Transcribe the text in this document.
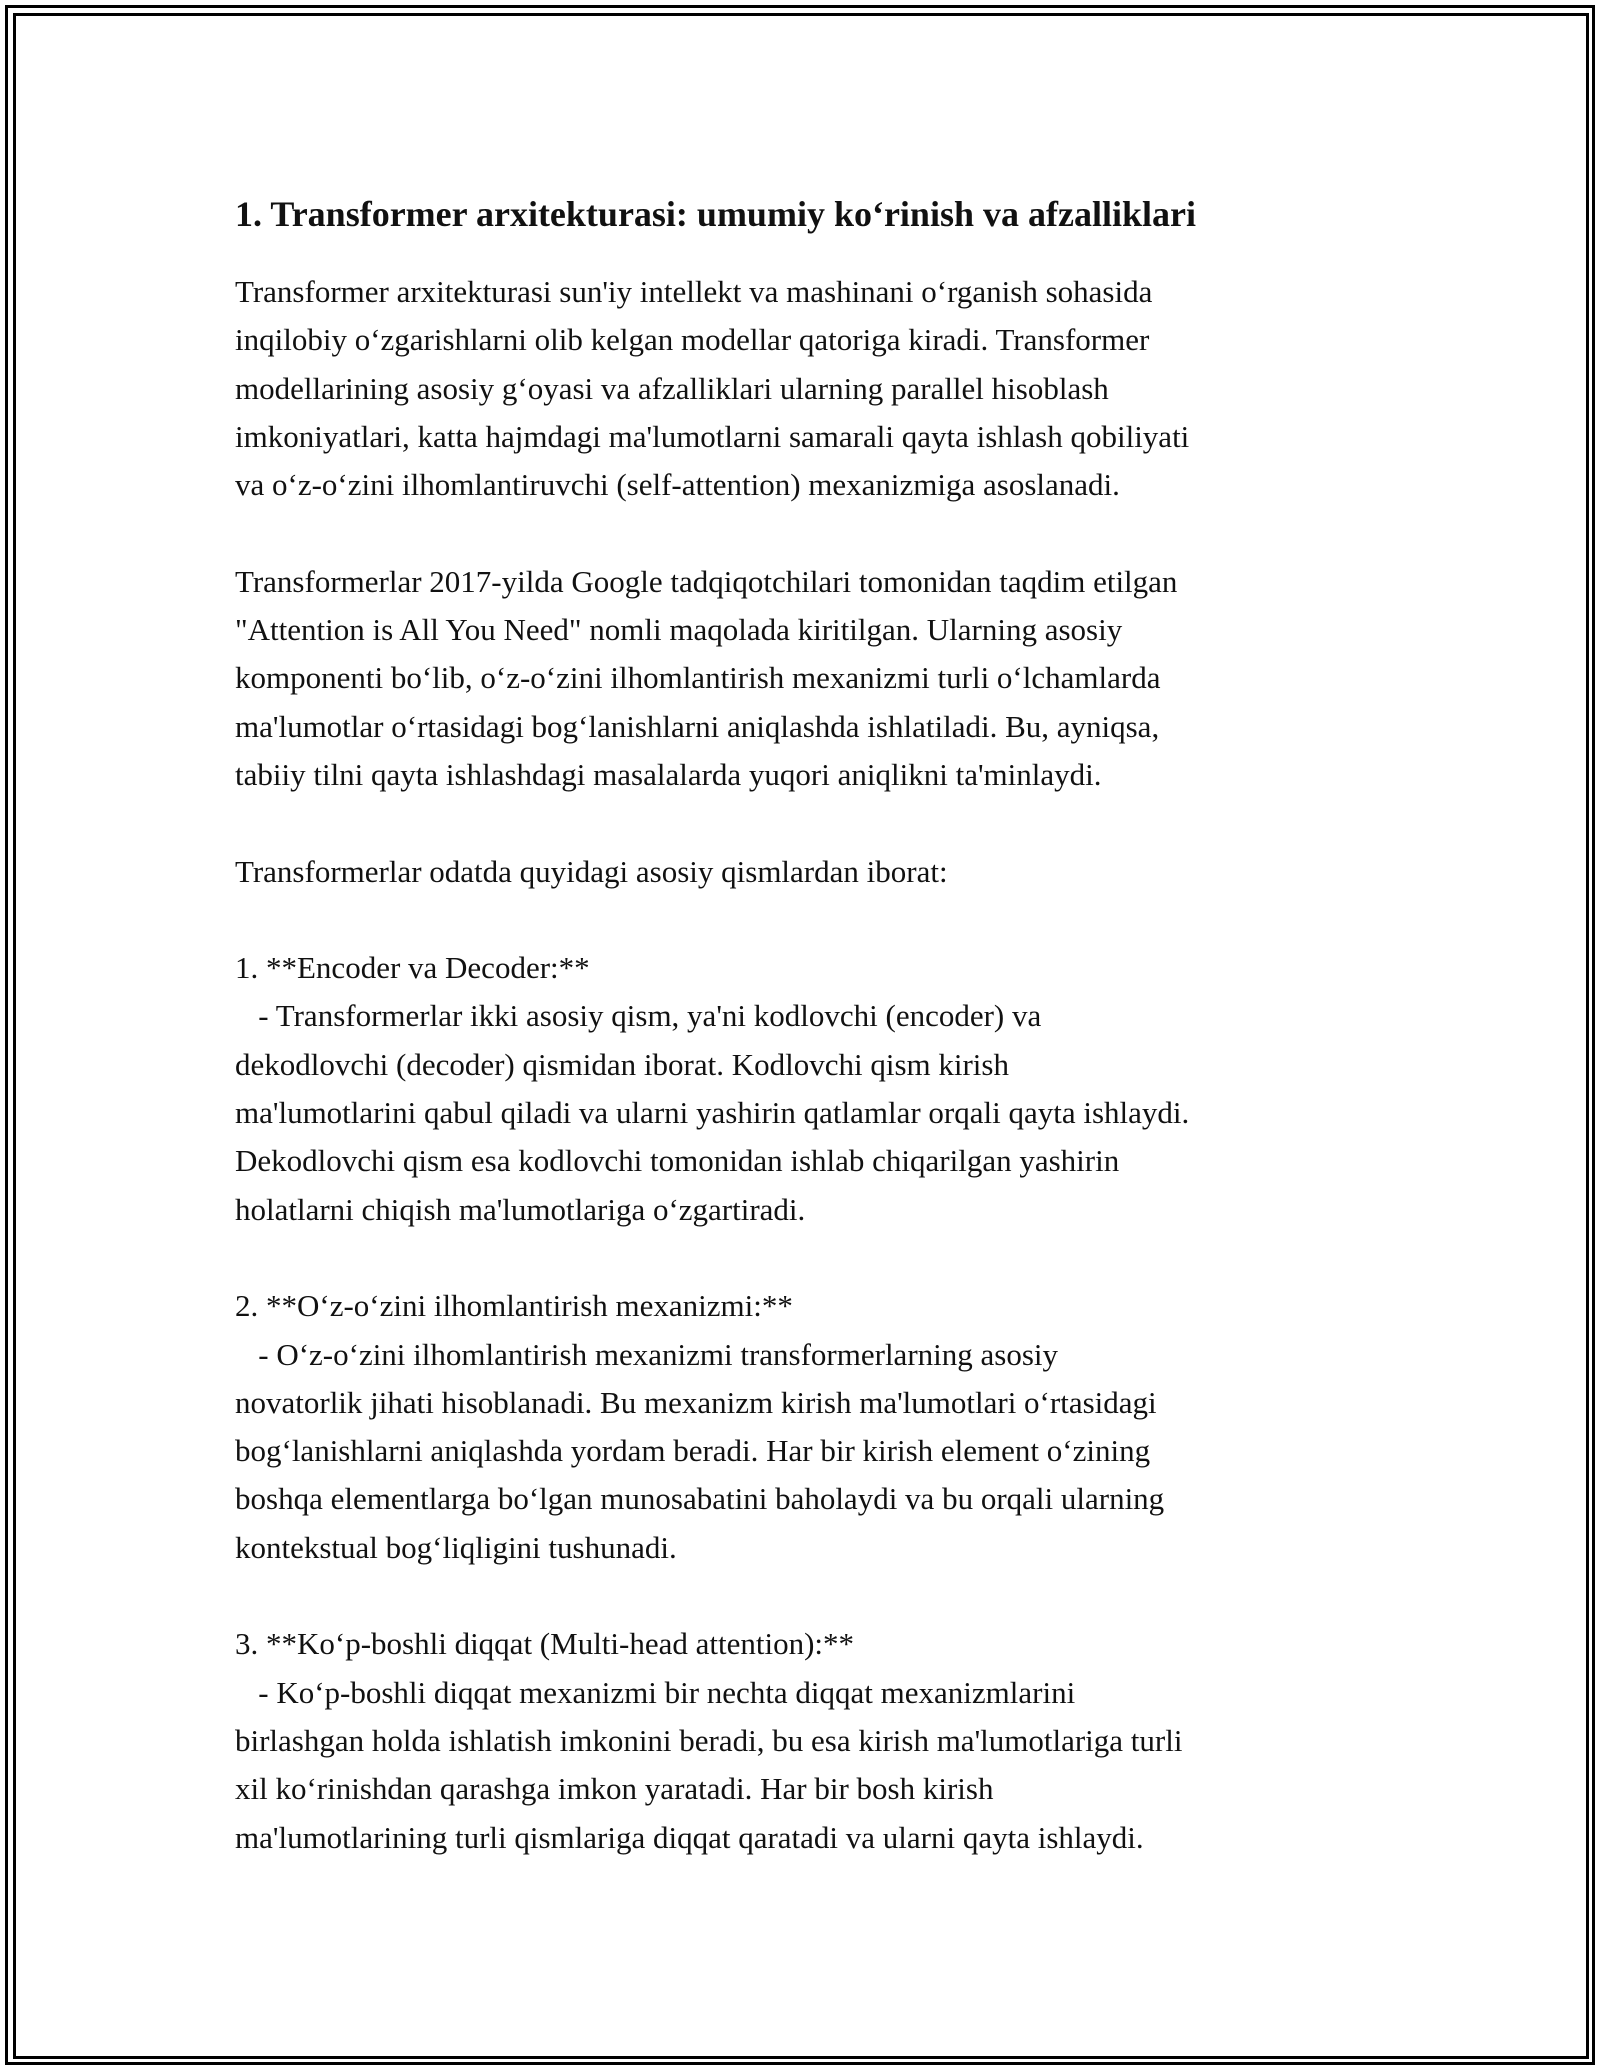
1. Transformer arxitekturasi: umumiy koʻrinish va afzalliklari

Transformer arxitekturasi sun'iy intellekt va mashinani oʻrganish sohasida
inqilobiy oʻzgarishlarni olib kelgan modellar qatoriga kiradi. Transformer
modellarining asosiy gʻoyasi va afzalliklari ularning parallel hisoblash
imkoniyatlari, katta hajmdagi ma'lumotlarni samarali qayta ishlash qobiliyati
va oʻz-oʻzini ilhomlantiruvchi (self-attention) mexanizmiga asoslanadi.

Transformerlar 2017-yilda Google tadqiqotchilari tomonidan taqdim etilgan
"Attention is All You Need" nomli maqolada kiritilgan. Ularning asosiy
komponenti boʻlib, oʻz-oʻzini ilhomlantirish mexanizmi turli oʻlchamlarda
ma'lumotlar oʻrtasidagi bogʻlanishlarni aniqlashda ishlatiladi. Bu, ayniqsa,
tabiiy tilni qayta ishlashdagi masalalarda yuqori aniqlikni ta'minlaydi.

Transformerlar odatda quyidagi asosiy qismlardan iborat:

1. **Encoder va Decoder:**
- Transformerlar ikki asosiy qism, ya'ni kodlovchi (encoder) va
dekodlovchi (decoder) qismidan iborat. Kodlovchi qism kirish
ma'lumotlarini qabul qiladi va ularni yashirin qatlamlar orqali qayta ishlaydi.
Dekodlovchi qism esa kodlovchi tomonidan ishlab chiqarilgan yashirin
holatlarni chiqish ma'lumotlariga oʻzgartiradi.

2. **Oʻz-oʻzini ilhomlantirish mexanizmi:**
- Oʻz-oʻzini ilhomlantirish mexanizmi transformerlarning asosiy
novatorlik jihati hisoblanadi. Bu mexanizm kirish ma'lumotlari oʻrtasidagi
bogʻlanishlarni aniqlashda yordam beradi. Har bir kirish element oʻzining
boshqa elementlarga boʻlgan munosabatini baholaydi va bu orqali ularning
kontekstual bogʻliqligini tushunadi.

3. **Koʻp-boshli diqqat (Multi-head attention):**
- Koʻp-boshli diqqat mexanizmi bir nechta diqqat mexanizmlarini
birlashgan holda ishlatish imkonini beradi, bu esa kirish ma'lumotlariga turli
xil koʻrinishdan qarashga imkon yaratadi. Har bir bosh kirish
ma'lumotlarining turli qismlariga diqqat qaratadi va ularni qayta ishlaydi.
